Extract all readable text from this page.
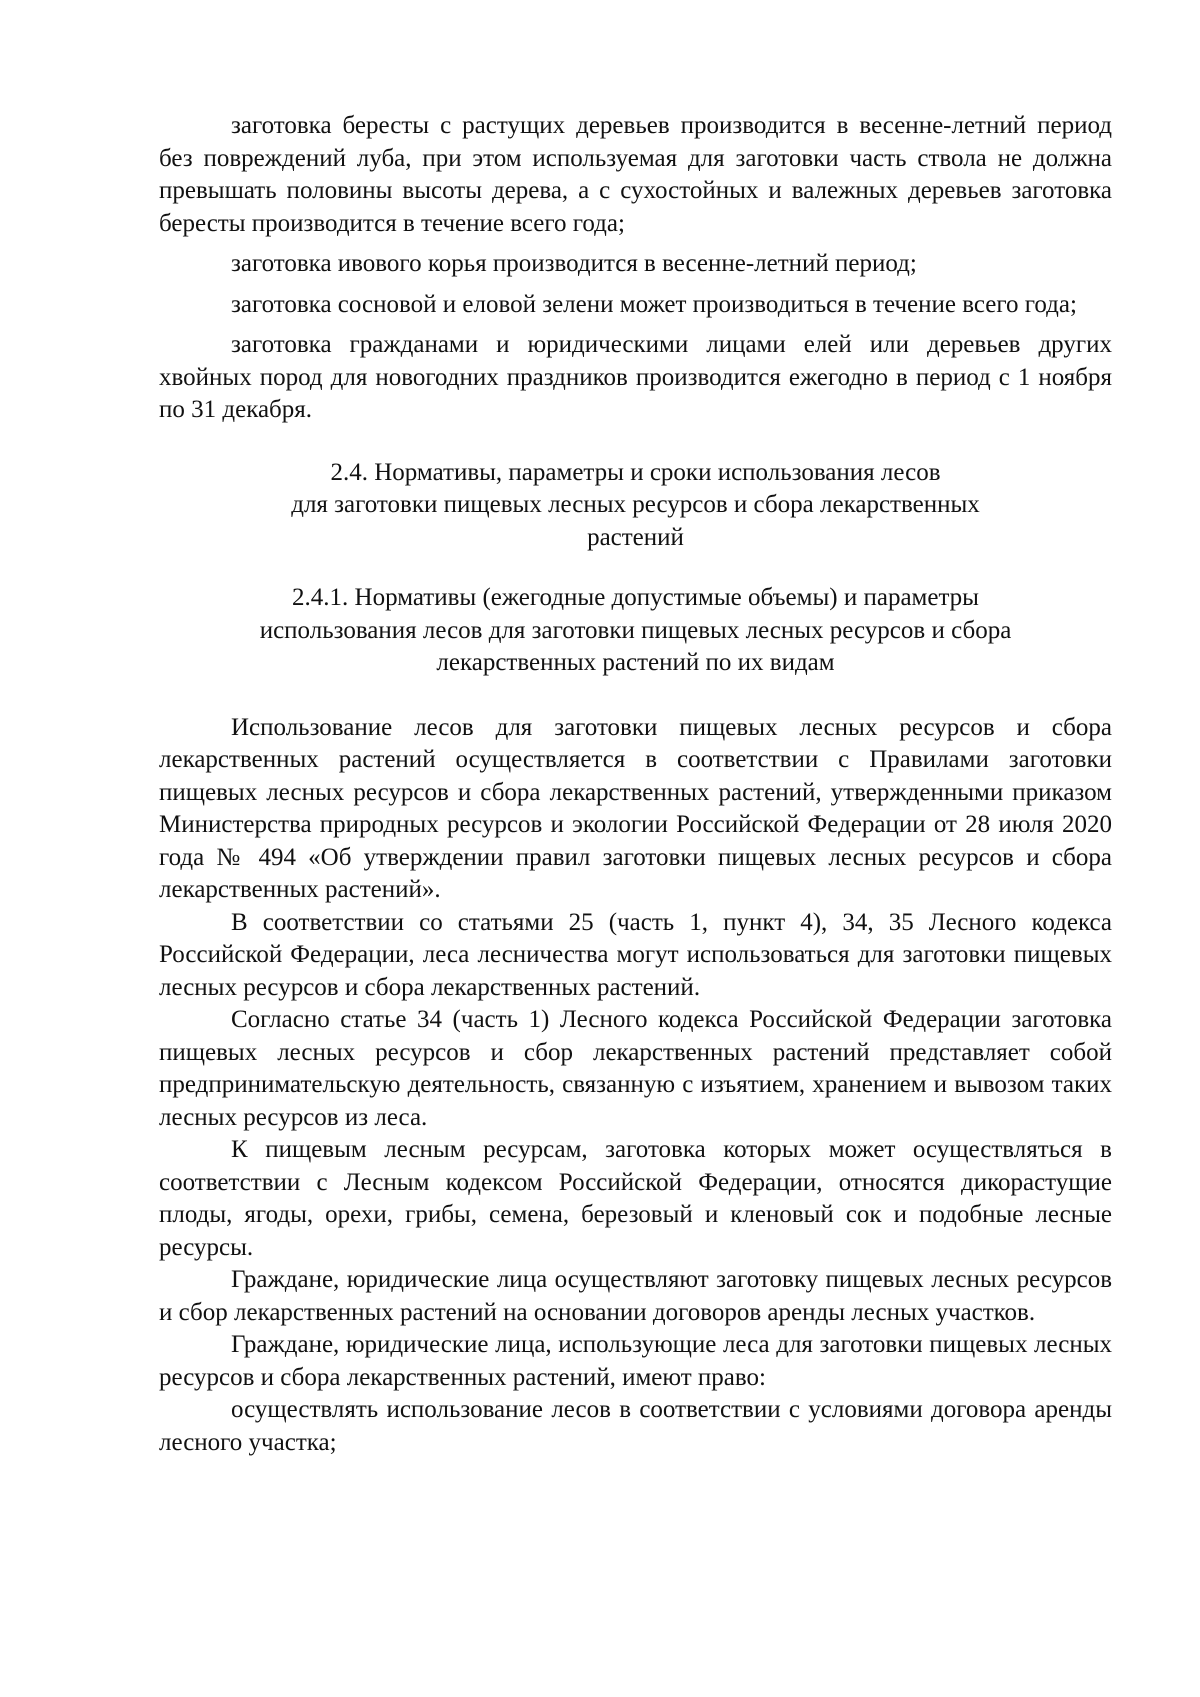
заготовка бересты с растущих деревьев производится в весенне-летний период без повреждений луба, при этом используемая для заготовки часть ствола не должна превышать половины высоты дерева, а с сухостойных и валежных деревьев заготовка бересты производится в течение всего года;

заготовка ивового корья производится в весенне-летний период;

заготовка сосновой и еловой зелени может производиться в течение всего года;

заготовка гражданами и юридическими лицами елей или деревьев других хвойных пород для новогодних праздников производится ежегодно в период с 1 ноября по 31 декабря.

2.4. Нормативы, параметры и сроки использования лесов
для заготовки пищевых лесных ресурсов и сбора лекарственных
растений
2.4.1. Нормативы (ежегодные допустимые объемы) и параметры
использования лесов для заготовки пищевых лесных ресурсов и сбора
лекарственных растений по их видам

Использование лесов для заготовки пищевых лесных ресурсов и сбора лекарственных растений осуществляется в соответствии с Правилами заготовки пищевых лесных ресурсов и сбора лекарственных растений, утвержденными приказом Министерства природных ресурсов и экологии Российской Федерации от 28 июля 2020 года № 494 «Об утверждении правил заготовки пищевых лесных ресурсов и сбора лекарственных растений».

В соответствии со статьями 25 (часть 1, пункт 4), 34, 35 Лесного кодекса Российской Федерации, леса лесничества могут использоваться для заготовки пищевых лесных ресурсов и сбора лекарственных растений.

Согласно статье 34 (часть 1) Лесного кодекса Российской Федерации заготовка пищевых лесных ресурсов и сбор лекарственных растений представляет собой предпринимательскую деятельность, связанную с изъятием, хранением и вывозом таких лесных ресурсов из леса.

К пищевым лесным ресурсам, заготовка которых может осуществляться в соответствии с Лесным кодексом Российской Федерации, относятся дикорастущие плоды, ягоды, орехи, грибы, семена, березовый и кленовый сок и подобные лесные ресурсы.

Граждане, юридические лица осуществляют заготовку пищевых лесных ресурсов и сбор лекарственных растений на основании договоров аренды лесных участков.

Граждане, юридические лица, использующие леса для заготовки пищевых лесных ресурсов и сбора лекарственных растений, имеют право:

осуществлять использование лесов в соответствии с условиями договора аренды лесного участка;
